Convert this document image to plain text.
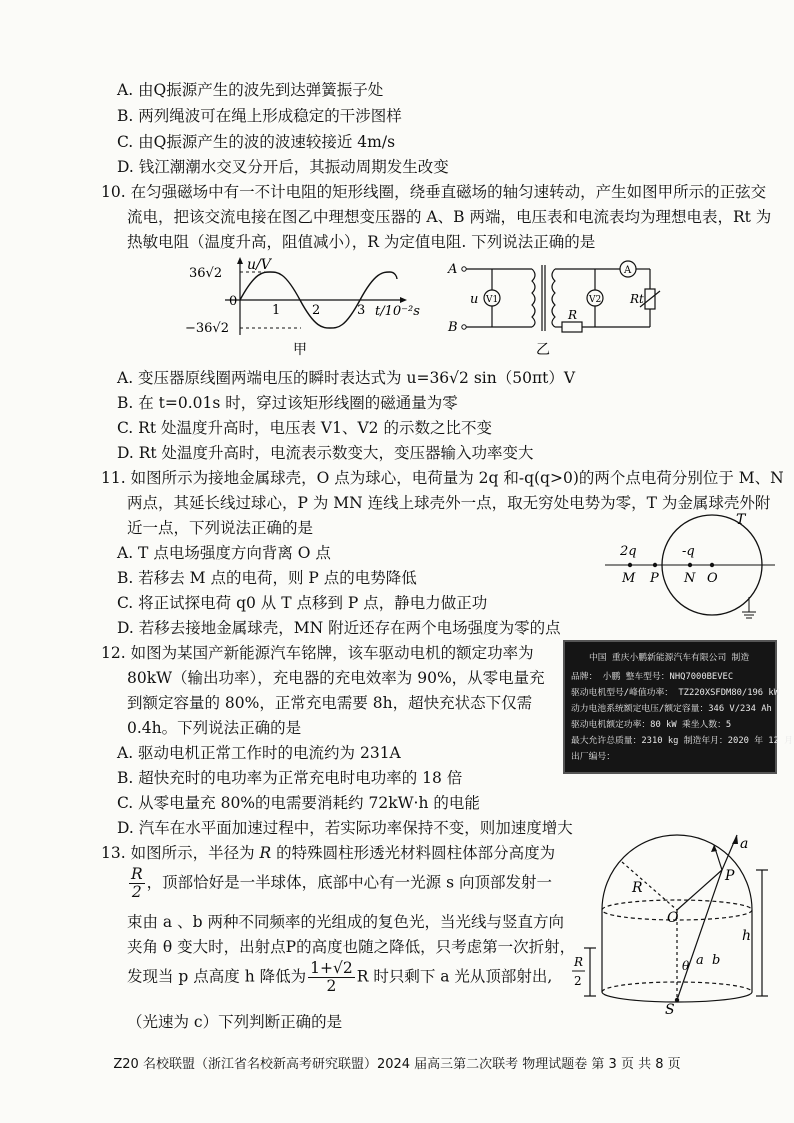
A. 由Q振源产生的波先到达弹簧振子处
B. 两列绳波可在绳上形成稳定的干涉图样
C. 由Q振源产生的波的波速较接近 4m/s
D. 钱江潮潮水交叉分开后，其振动周期发生改变
10. 在匀强磁场中有一不计电阻的矩形线圈，绕垂直磁场的轴匀速转动，产生如图甲所示的正弦交
流电，把该交流电接在图乙中理想变压器的 A、B 两端，电压表和电流表均为理想电表，Rt 为
热敏电阻（温度升高，阻值减小），R 为定值电阻. 下列说法正确的是
u/V
36√2
0
−36√2
1 2	3 t/10⁻²s
甲
A
B
u V1	V2
A
R
Rt
乙
A. 变压器原线圈两端电压的瞬时表达式为 u=36√2 sin（50πt）V
B. 在 t=0.01s 时，穿过该矩形线圈的磁通量为零
C. Rt 处温度升高时，电压表 V1、V2 的示数之比不变
D. Rt 处温度升高时，电流表示数变大，变压器输入功率变大
11. 如图所示为接地金属球壳，O 点为球心，电荷量为 2q 和-q(q>0)的两个点电荷分别位于 M、N
两点，其延长线过球心，P 为 MN 连线上球壳外一点，取无穷处电势为零，T 为金属球壳外附
近一点，下列说法正确的是
A. T 点电场强度方向背离 O 点
B. 若移去 M 点的电荷，则 P 点的电势降低
C. 将正试探电荷 q0 从 T 点移到 P 点，静电力做正功
D. 若移去接地金属球壳，MN 附近还存在两个电场强度为零的点
T
2q	-q
M P N O
12. 如图为某国产新能源汽车铭牌，该车驱动电机的额定功率为
80kW（输出功率），充电器的充电效率为 90%，从零电量充
到额定容量的 80%，正常充电需要 8h，超快充状态下仅需
0.4h。下列说法正确的是
中国 重庆小鹏新能源汽车有限公司 制造
品牌： 小鹏 整车型号：NHQ7000BEVEC
驱动电机型号/峰值功率： TZ220XSFDM80/196 kW
动力电池系统额定电压/额定容量：346 V/234 Ah
驱动电机额定功率：80 kW 乘坐人数：5
最大允许总质量：2310 kg 制造年月：2020 年 12 月
出厂编号：
A. 驱动电机正常工作时的电流约为 231A
B. 超快充时的电功率为正常充电时电功率的 18 倍
C. 从零电量充 80%的电需要消耗约 72kW·h 的电能
D. 汽车在水平面加速过程中，若实际功率保持不变，则加速度增大
13. 如图所示，半径为 R 的特殊圆柱形透光材料圆柱体部分高度为
$\frac{R}{2}$ ，顶部恰好是一半球体，底部中心有一光源 s 向顶部发射一
束由 a 、b 两种不同频率的光组成的复色光，当光线与竖直方向
夹角 θ 变大时，出射点P的高度也随之降低，只考虑第一次折射，
发现当 p 点高度 h 降低为 $\frac{1+√2}{2}$ R 时只剩下 a 光从顶部射出,
（光速为 c）下列判断正确的是
a
P
R
O
θ a b
S
h
R
2
Z20 名校联盟（浙江省名校新高考研究联盟）2024 届高三第二次联考 物理试题卷 第 3 页 共 8 页
